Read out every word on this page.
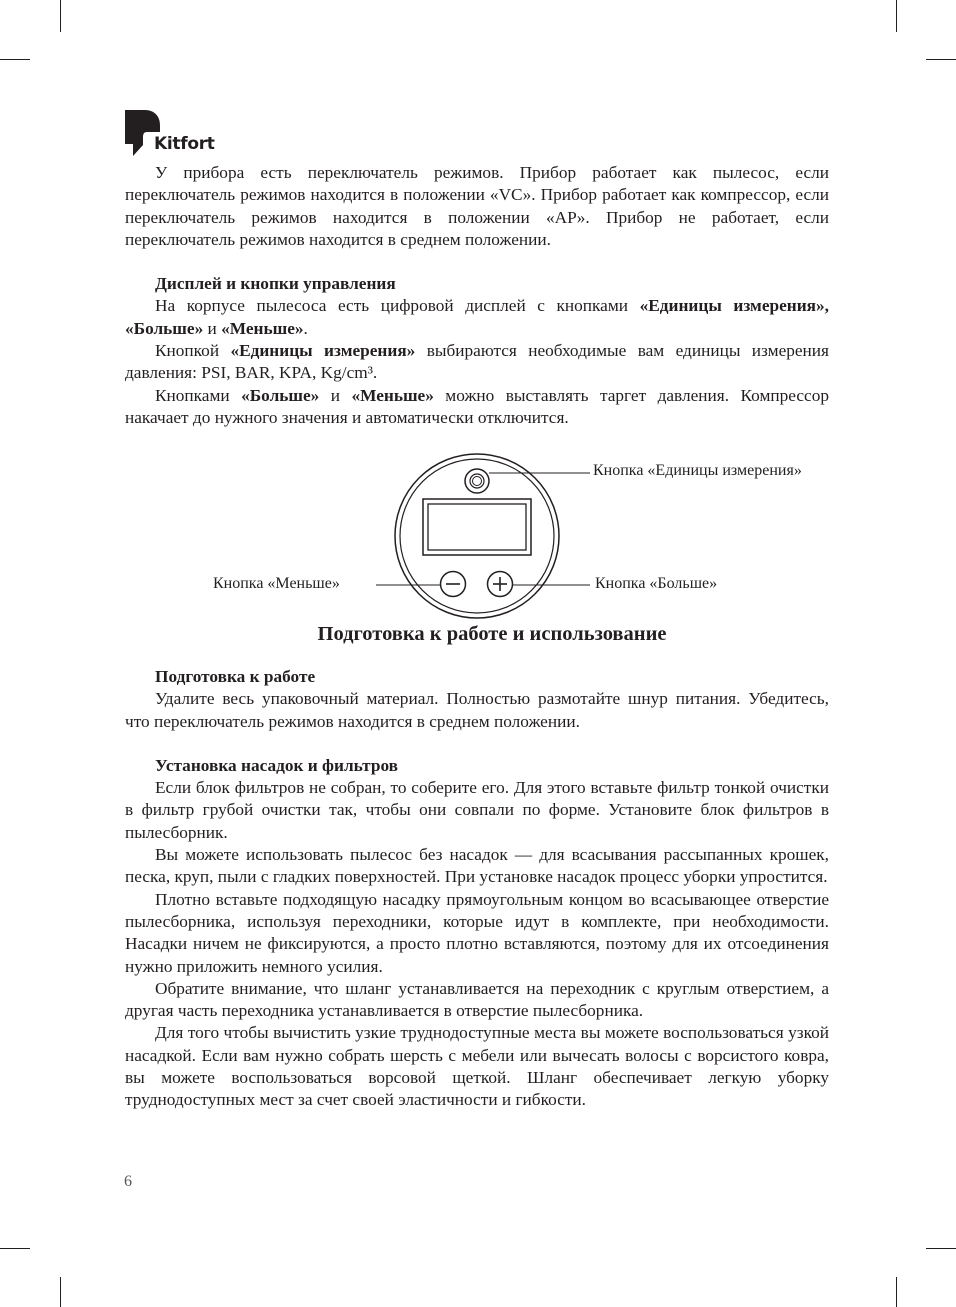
Kitfort

У прибора есть переключатель режимов. Прибор работает как пылесос, если переключатель режимов находится в положении «VC». Прибор работает как компрессор, если переключатель режимов находится в положении «AP». Прибор не работает, если переключатель режимов находится в среднем положении.

Дисплей и кнопки управления

На корпусе пылесоса есть цифровой дисплей с кнопками «Единицы измерения», «Больше» и «Меньше».

Кнопкой «Единицы измерения» выбираются необходимые вам единицы измерения давления: PSI, BAR, KPA, Kg/cm³.

Кнопками «Больше» и «Меньше» можно выставлять таргет давления. Компрессор накачает до нужного значения и автоматически отключится.

Кнопка «Единицы измерения»
Кнопка «Меньше»	Кнопка «Больше»

Подготовка к работе и использование

Подготовка к работе

Удалите весь упаковочный материал. Полностью размотайте шнур питания. Убедитесь, что переключатель режимов находится в среднем положении.

Установка насадок и фильтров

Если блок фильтров не собран, то соберите его. Для этого вставьте фильтр тонкой очистки в фильтр грубой очистки так, чтобы они совпали по форме. Установите блок фильтров в пылесборник.

Вы можете использовать пылесос без насадок — для всасывания рассыпанных крошек, песка, круп, пыли с гладких поверхностей. При установке насадок процесс уборки упростится.

Плотно вставьте подходящую насадку прямоугольным концом во всасывающее отверстие пылесборника, используя переходники, которые идут в комплекте, при необходимости. Насадки ничем не фиксируются, а просто плотно вставляются, поэтому для их отсоединения нужно приложить немного усилия.

Обратите внимание, что шланг устанавливается на переходник с круглым отверстием, а другая часть переходника устанавливается в отверстие пылесборника.

Для того чтобы вычистить узкие труднодоступные места вы можете воспользоваться узкой насадкой. Если вам нужно собрать шерсть с мебели или вычесать волосы с ворсистого ковра, вы можете воспользоваться ворсовой щеткой. Шланг обеспечивает легкую уборку труднодоступных мест за счет своей эластичности и гибкости.

6
